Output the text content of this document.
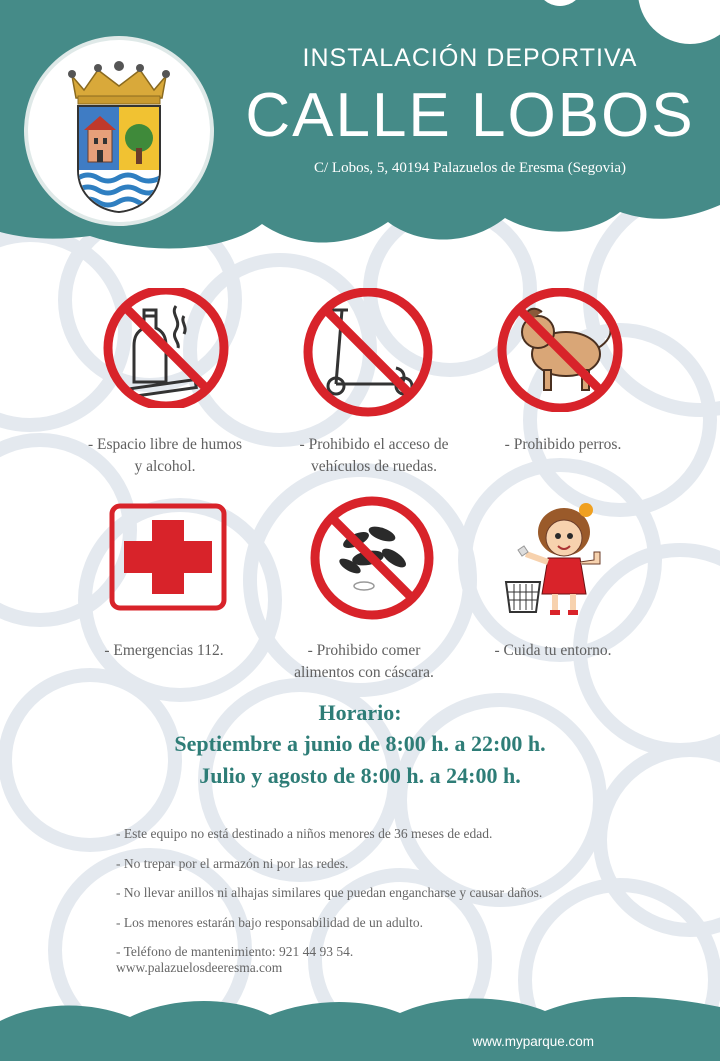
INSTALACIÓN DEPORTIVA
CALLE LOBOS
C/ Lobos, 5, 40194 Palazuelos de Eresma (Segovia)
- Espacio libre de humos
y alcohol.
- Prohibido el acceso de
vehículos de ruedas.
- Prohibido perros.
- Emergencias 112.	- Prohibido comer
alimentos con cáscara.
- Cuida tu entorno.
Horario:
Septiembre a junio de 8:00 h. a 22:00 h.
Julio y agosto de 8:00 h. a 24:00 h.
- Este equipo no está destinado a niños menores de 36 meses de edad.
- No trepar por el armazón ni por las redes.
- No llevar anillos ni alhajas similares que puedan engancharse y causar daños.
- Los menores estarán bajo responsabilidad de un adulto.
- Teléfono de mantenimiento: 921 44 93 54.
www.palazuelosdeeresma.com
www.myparque.com
